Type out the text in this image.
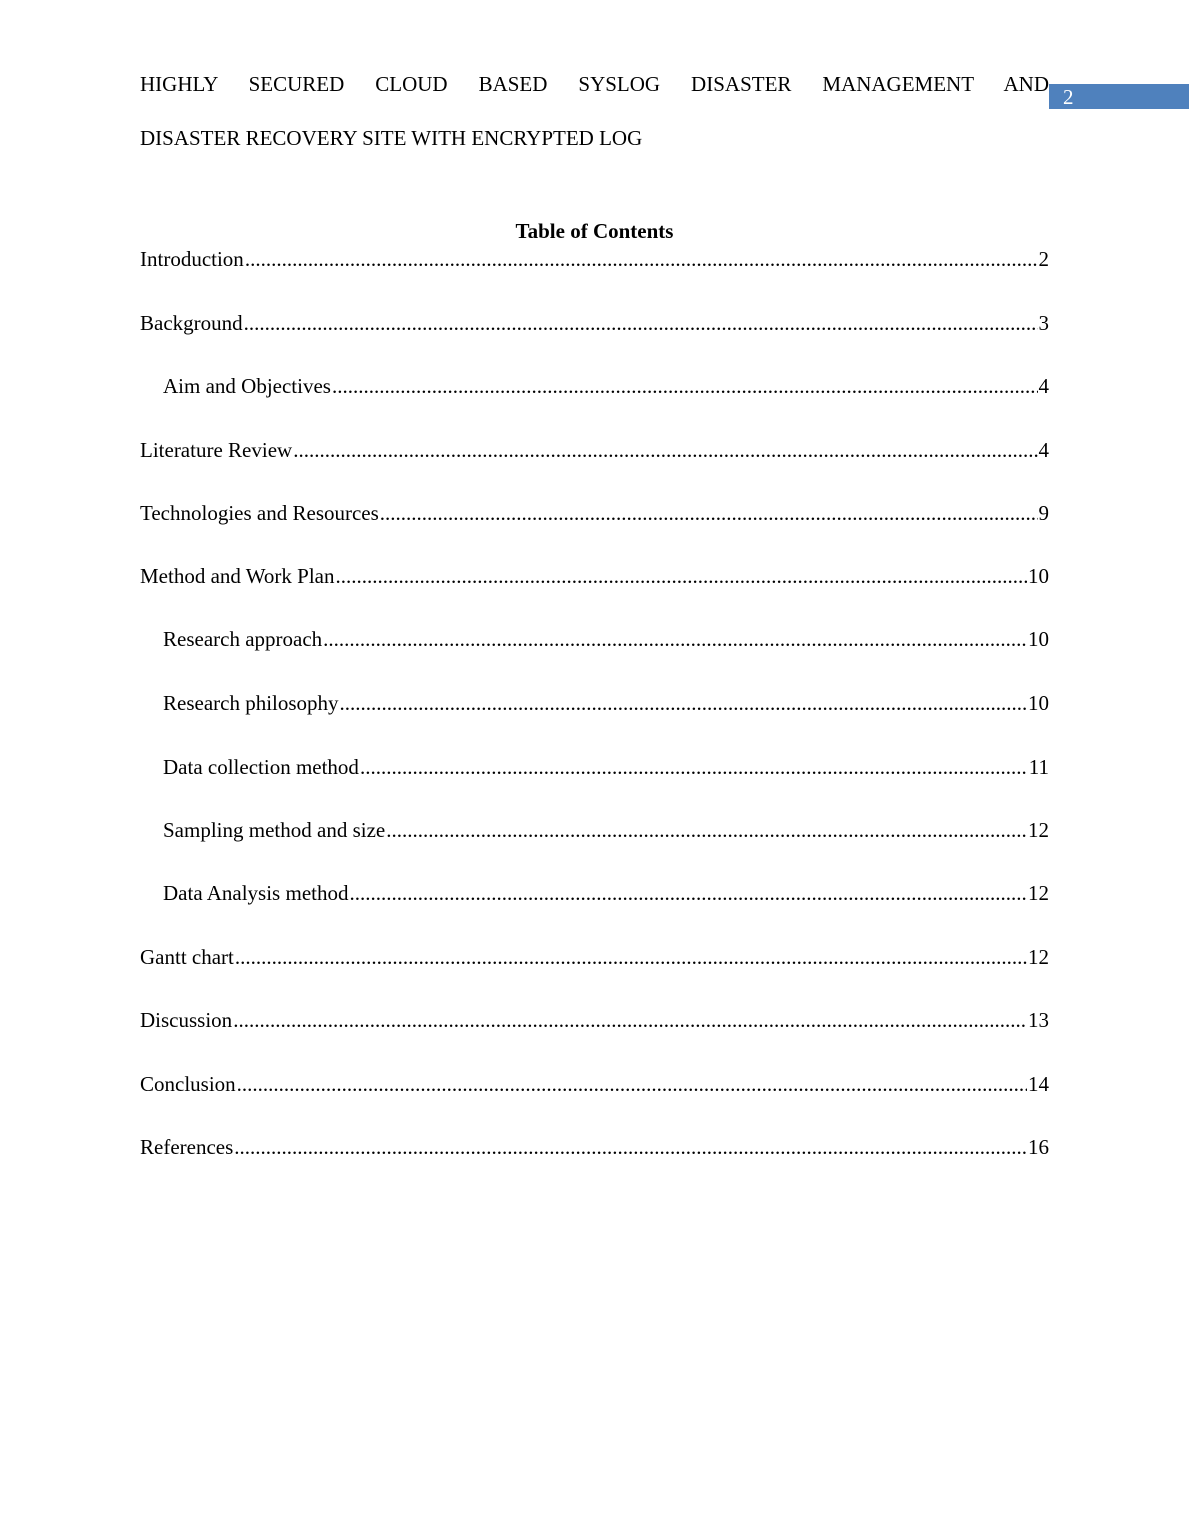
HIGHLY SECURED CLOUD BASED SYSLOG DISASTER MANAGEMENT AND
DISASTER RECOVERY SITE WITH ENCRYPTED LOG
2
Table of Contents
Introduction .....	2
Background .....	3
Aim and Objectives .....	4
Literature Review .....	4
Technologies and Resources .....	9
Method and Work Plan .....	10
Research approach .....	10
Research philosophy .....	10
Data collection method .....	11
Sampling method and size .....	12
Data Analysis method .....	12
Gantt chart .....	12
Discussion .....	13
Conclusion .....	14
References .....	16
